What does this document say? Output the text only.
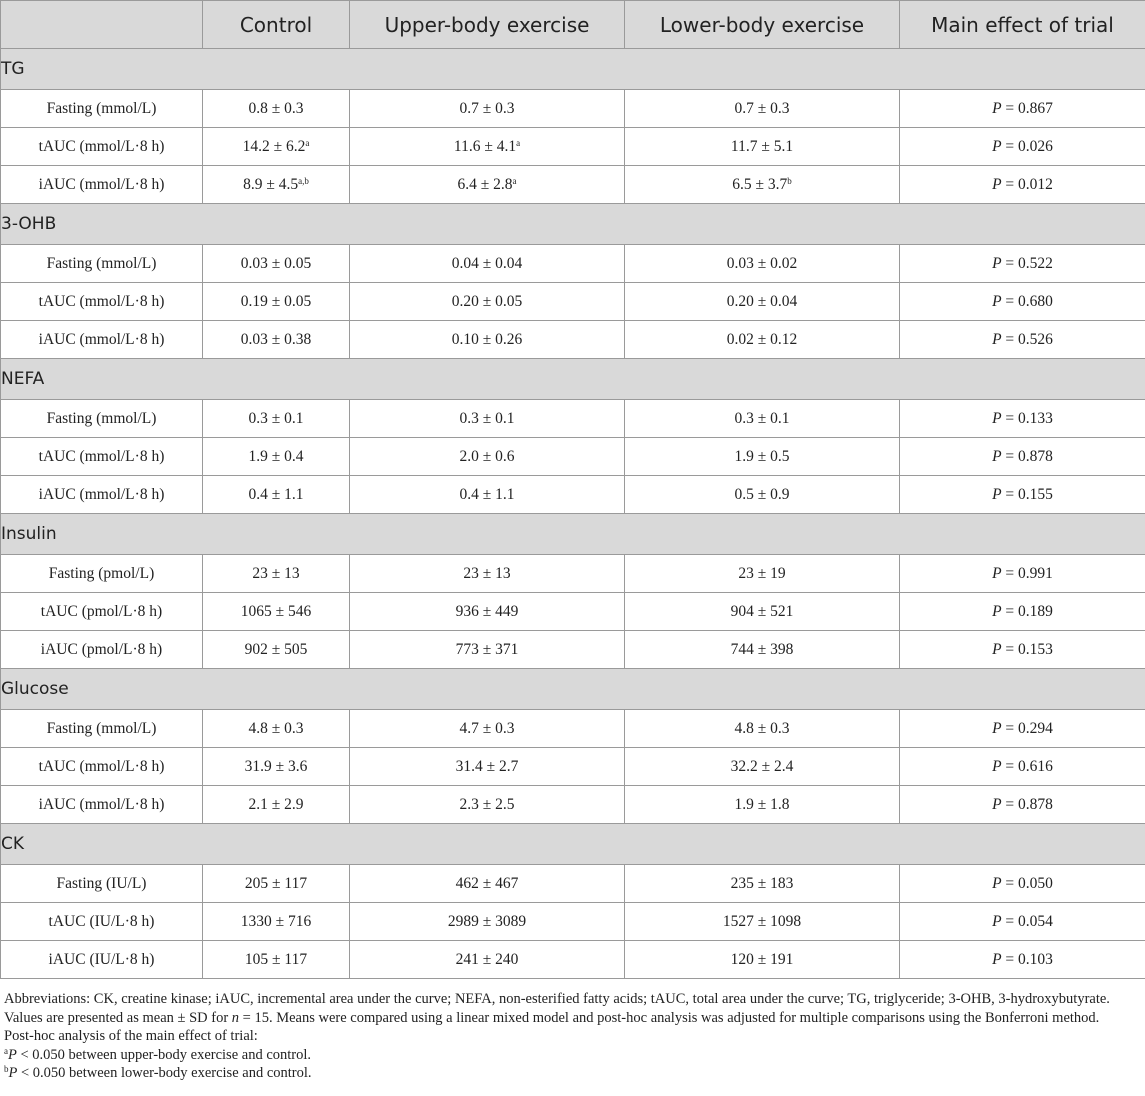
	Control	Upper-body exercise	Lower-body exercise	Main effect of trial
TG				
Fasting (mmol/L)	0.8 ± 0.3	0.7 ± 0.3	0.7 ± 0.3	P = 0.867
tAUC (mmol/L·8 h)	14.2 ± 6.2$^a$	11.6 ± 4.1$^a$	11.7 ± 5.1	P = 0.026
iAUC (mmol/L·8 h)	$8.9 \pm 4.5^{a,b}$	6.4 ± 2.8$^a$	6.5 ± 3.7$^b$	P = 0.012
3-OHB				
Fasting (mmol/L)	0.03 ± 0.05	0.04 ± 0.04	0.03 ± 0.02	P = 0.522
tAUC (mmol/L·8 h)	0.19 ± 0.05	0.20 ± 0.05	0.20 ± 0.04	P = 0.680
iAUC (mmol/L·8 h)	0.03 ± 0.38	0.10 ± 0.26	0.02 ± 0.12	P = 0.526
NEFA				
Fasting (mmol/L)	0.3 ± 0.1	0.3 ± 0.1	0.3 ± 0.1	P = 0.133
tAUC (mmol/L·8 h)	1.9 ± 0.4	2.0 ± 0.6	1.9 ± 0.5	P = 0.878
iAUC (mmol/L·8 h)	0.4 ± 1.1	0.4 ± 1.1	0.5 ± 0.9	P = 0.155
Insulin				
Fasting (pmol/L)	23 ± 13	23 ± 13	23 ± 19	P = 0.991
tAUC (pmol/L·8 h)	1065 ± 546	936 ± 449	904 ± 521	P = 0.189
iAUC (pmol/L·8 h)	902 ± 505	773 ± 371	744 ± 398	P = 0.153
Glucose				
Fasting (mmol/L)	4.8 ± 0.3	4.7 ± 0.3	4.8 ± 0.3	P = 0.294
tAUC (mmol/L·8 h)	31.9 ± 3.6	31.4 ± 2.7	32.2 ± 2.4	P = 0.616
iAUC (mmol/L·8 h)	2.1 ± 2.9	2.3 ± 2.5	1.9 ± 1.8	P = 0.878
CK				
Fasting (IU/L)	205 ± 117	462 ± 467	235 ± 183	P = 0.050
tAUC (IU/L·8 h)	1330 ± 716	2989 ± 3089	1527 ± 1098	P = 0.054
iAUC (IU/L·8 h)	105 ± 117	241 ± 240	120 ± 191	P = 0.103
Abbreviations: CK, creatine kinase; iAUC, incremental area under the curve; NEFA, non-esterified fatty acids; tAUC, total area under the curve; TG, triglyceride; 3-OHB, 3-hydroxybutyrate.
Values are presented as mean ± SD for n = 15. Means were compared using a linear mixed model and post-hoc analysis was adjusted for multiple comparisons using the Bonferroni method.
Post-hoc analysis of the main effect of trial:
$^a$P < 0.050 between upper-body exercise and control.
$^b$P < 0.050 between lower-body exercise and control.
